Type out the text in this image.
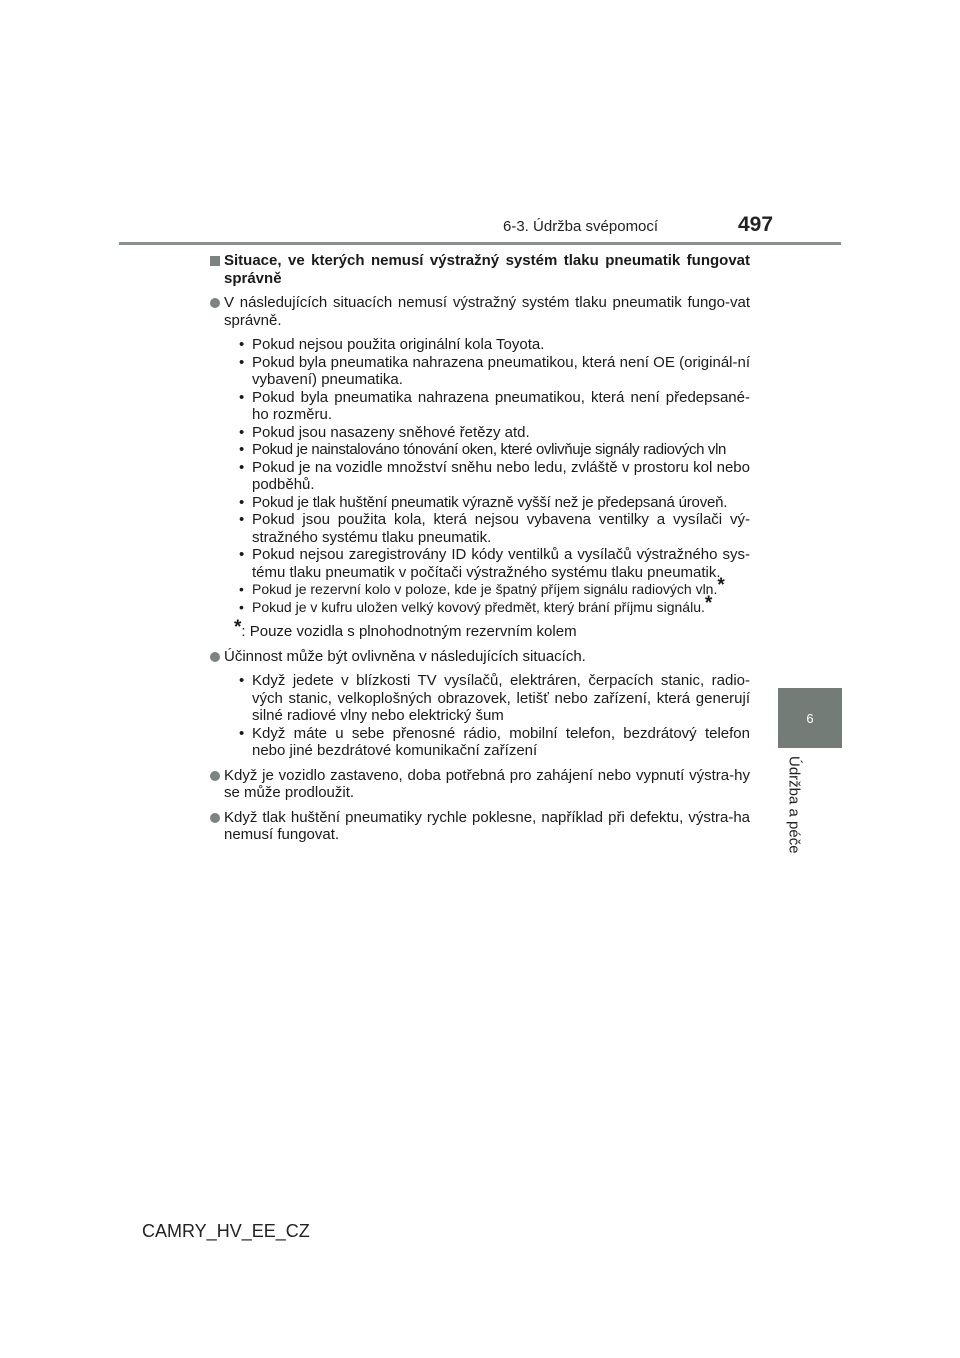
6-3. Údržba svépomocí	497
6
Údržba a péče
Situace, ve kterých nemusí výstražný systém tlaku pneumatik fungovat správně
V následujících situacích nemusí výstražný systém tlaku pneumatik fungo-vat správně.
• Pokud nejsou použita originální kola Toyota.
• Pokud byla pneumatika nahrazena pneumatikou, která není OE (originál-ní vybavení) pneumatika.
• Pokud byla pneumatika nahrazena pneumatikou, která není předepsané-ho rozměru.
• Pokud jsou nasazeny sněhové řetězy atd.
• Pokud je nainstalováno tónování oken, které ovlivňuje signály radiových vln
• Pokud je na vozidle množství sněhu nebo ledu, zvláště v prostoru kol nebo podběhů.
• Pokud je tlak huštění pneumatik výrazně vyšší než je předepsaná úroveň.
• Pokud jsou použita kola, která nejsou vybavena ventilky a vysílači vý-stražného systému tlaku pneumatik.
• Pokud nejsou zaregistrovány ID kódy ventilků a vysílačů výstražného sys-tému tlaku pneumatik v počítači výstražného systému tlaku pneumatik.
• Pokud je rezervní kolo v poloze, kde je špatný příjem signálu radiových vln.*
• Pokud je v kufru uložen velký kovový předmět, který brání příjmu signálu.*
*: Pouze vozidla s plnohodnotným rezervním kolem
Účinnost může být ovlivněna v následujících situacích.
• Když jedete v blízkosti TV vysílačů, elektráren, čerpacích stanic, radio-vých stanic, velkoplošných obrazovek, letišť nebo zařízení, která generují silné radiové vlny nebo elektrický šum
• Když máte u sebe přenosné rádio, mobilní telefon, bezdrátový telefon nebo jiné bezdrátové komunikační zařízení
Když je vozidlo zastaveno, doba potřebná pro zahájení nebo vypnutí výstra-hy se může prodloužit.
Když tlak huštění pneumatiky rychle poklesne, například při defektu, výstra-ha nemusí fungovat.
CAMRY_HV_EE_CZ
